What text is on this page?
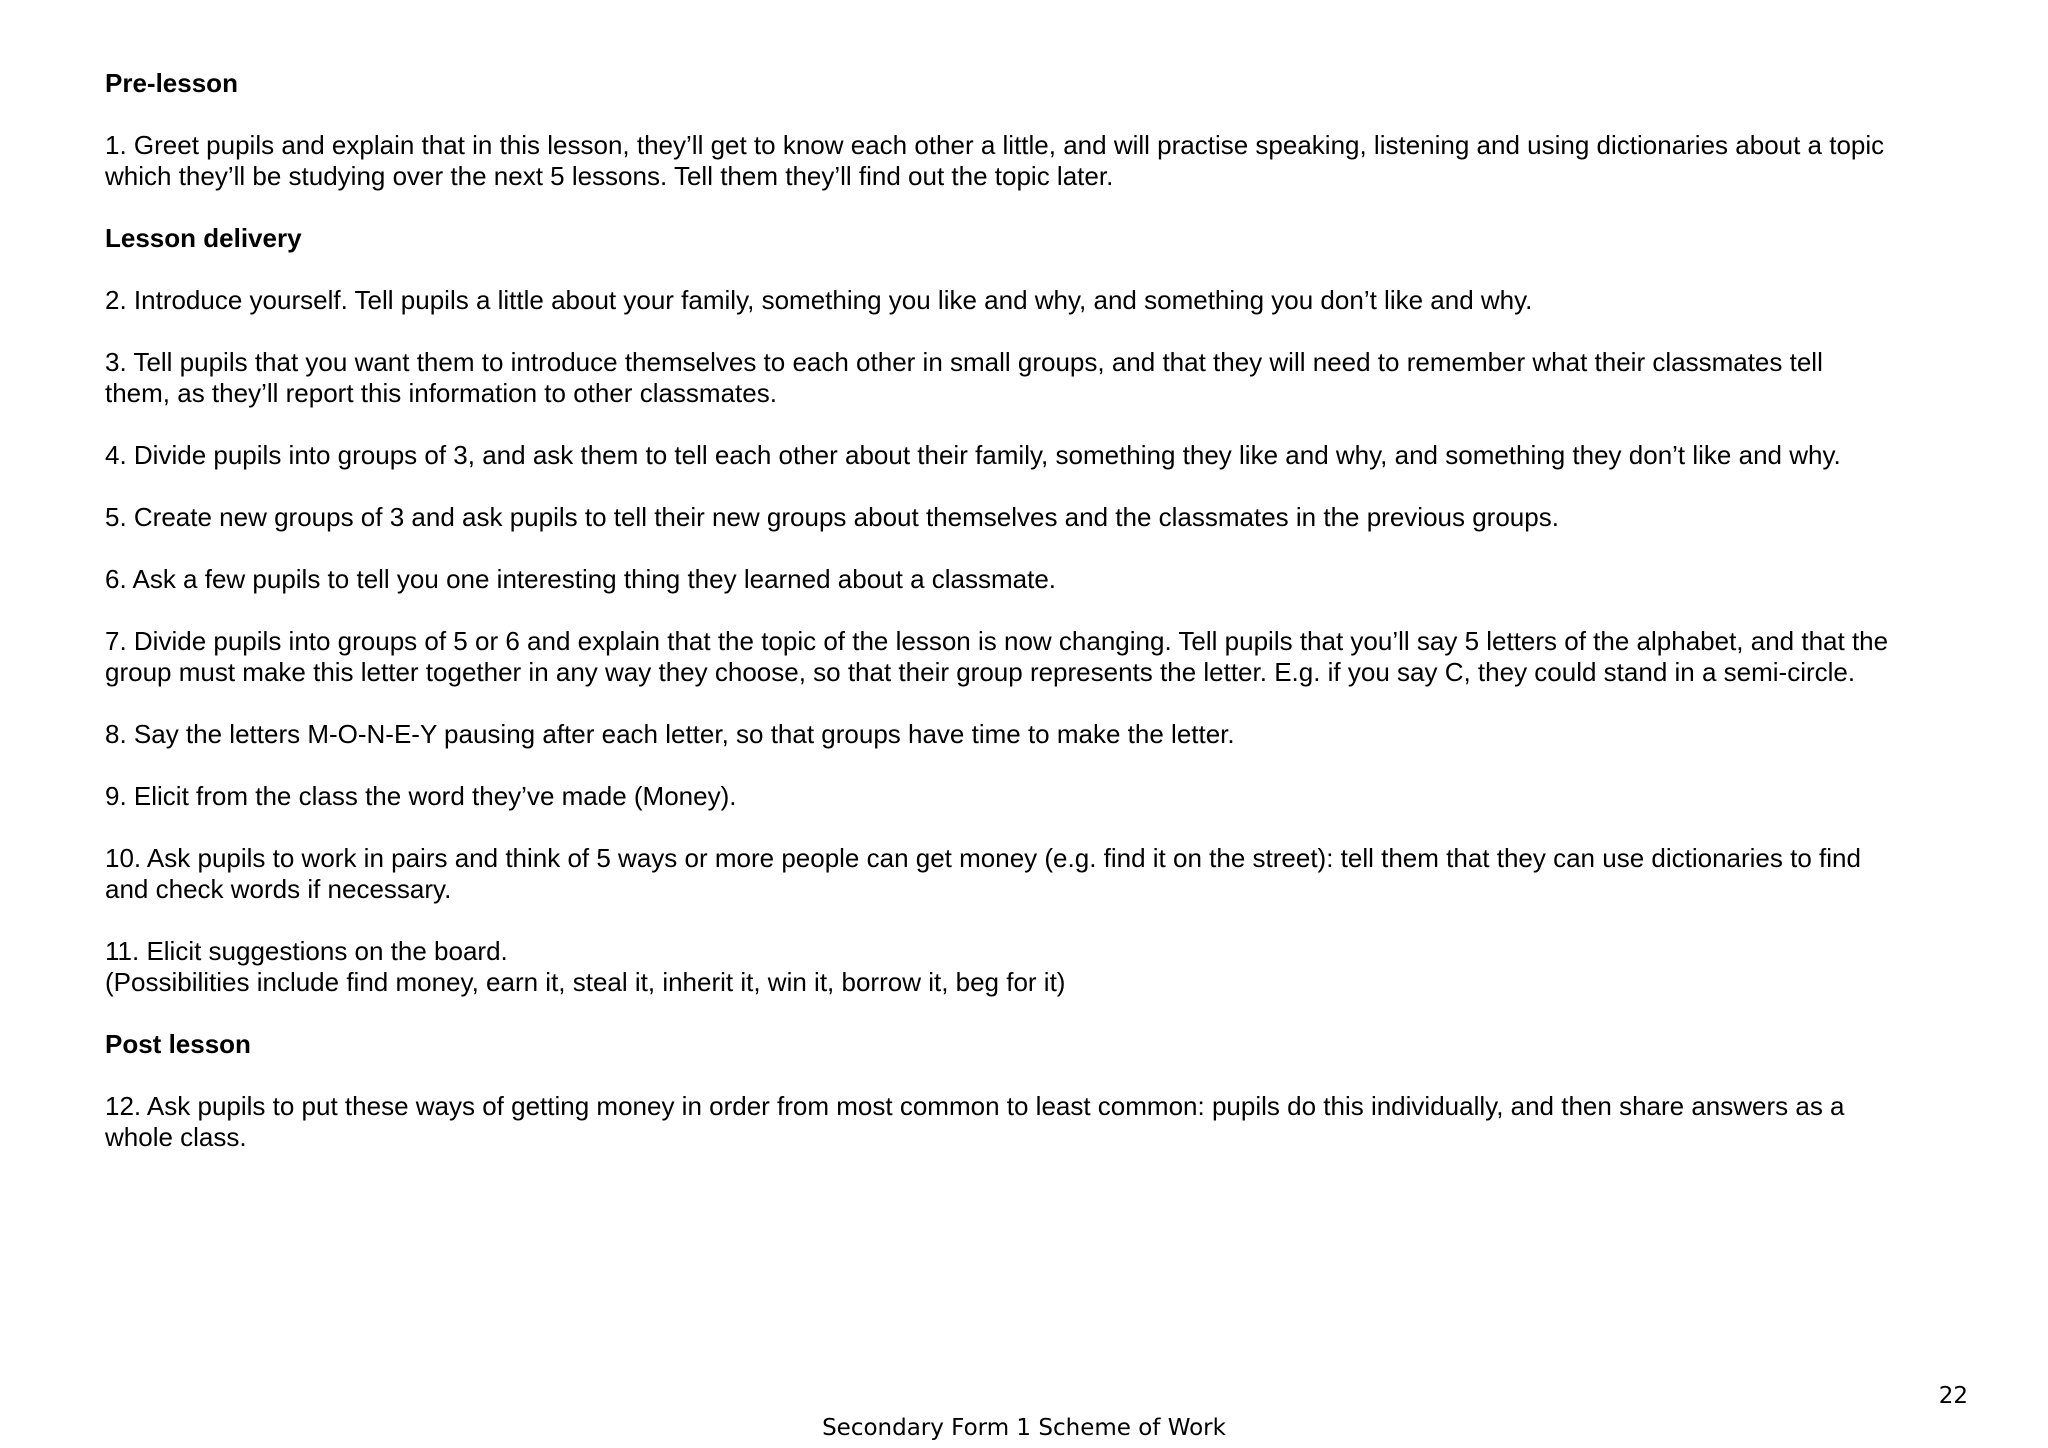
Pre-lesson
1. Greet pupils and explain that in this lesson, they’ll get to know each other a little, and will practise speaking, listening and using dictionaries about a topic
which they’ll be studying over the next 5 lessons. Tell them they’ll find out the topic later.
Lesson delivery
2. Introduce yourself. Tell pupils a little about your family, something you like and why, and something you don’t like and why.
3. Tell pupils that you want them to introduce themselves to each other in small groups, and that they will need to remember what their classmates tell
them, as they’ll report this information to other classmates.
4. Divide pupils into groups of 3, and ask them to tell each other about their family, something they like and why, and something they don’t like and why.
5. Create new groups of 3 and ask pupils to tell their new groups about themselves and the classmates in the previous groups.
6. Ask a few pupils to tell you one interesting thing they learned about a classmate.
7. Divide pupils into groups of 5 or 6 and explain that the topic of the lesson is now changing. Tell pupils that you’ll say 5 letters of the alphabet, and that the
group must make this letter together in any way they choose, so that their group represents the letter. E.g. if you say C, they could stand in a semi-circle.
8. Say the letters M-O-N-E-Y pausing after each letter, so that groups have time to make the letter.
9. Elicit from the class the word they’ve made (Money).
10. Ask pupils to work in pairs and think of 5 ways or more people can get money (e.g. find it on the street): tell them that they can use dictionaries to find
and check words if necessary.
11. Elicit suggestions on the board.
(Possibilities include find money, earn it, steal it, inherit it, win it, borrow it, beg for it)
Post lesson
12. Ask pupils to put these ways of getting money in order from most common to least common: pupils do this individually, and then share answers as a
whole class.
22
Secondary Form 1 Scheme of Work
